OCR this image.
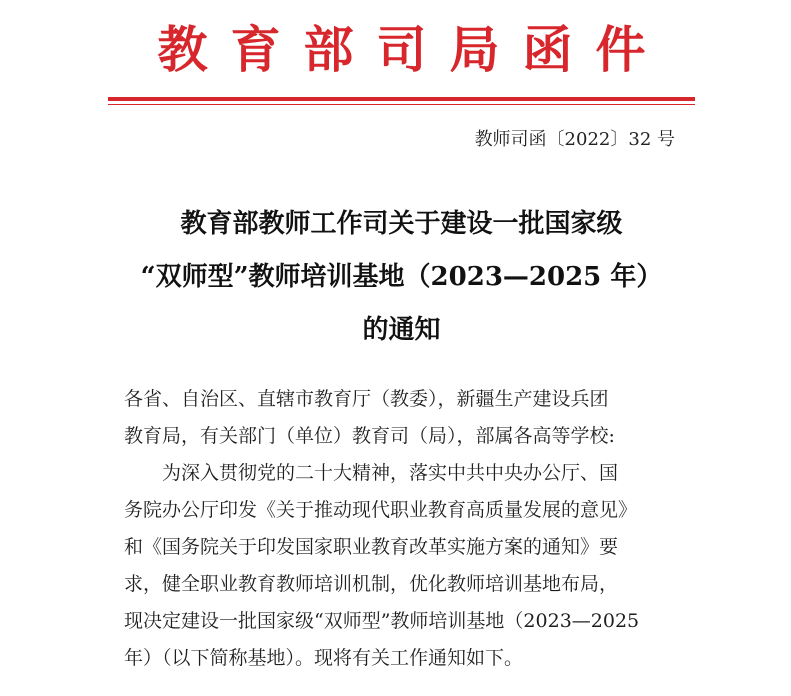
教育部司局函件
教师司函〔2022〕32 号
教育部教师工作司关于建设一批国家级
“双师型”教师培训基地（2023—2025 年）
的通知
各省、自治区、直辖市教育厅（教委），新疆生产建设兵团
教育局，有关部门（单位）教育司（局），部属各高等学校:
为深入贯彻党的二十大精神，落实中共中央办公厅、国
务院办公厅印发《关于推动现代职业教育高质量发展的意见》
和《国务院关于印发国家职业教育改革实施方案的通知》要
求，健全职业教育教师培训机制，优化教师培训基地布局，
现决定建设一批国家级“双师型”教师培训基地（2023—2025
年）（以下简称基地）。现将有关工作通知如下。
